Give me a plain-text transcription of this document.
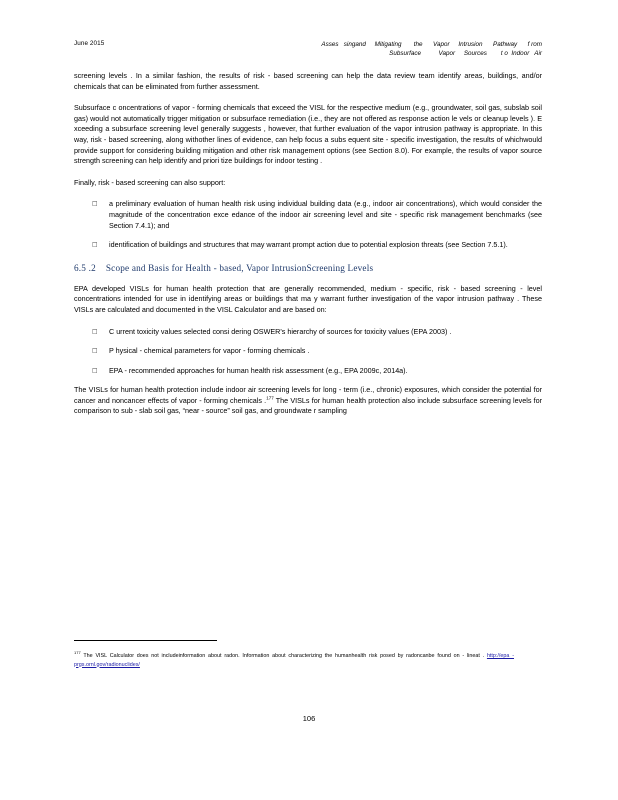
June 2015	Asses   singand     Mitigating       the      Vapor     Intrusion      Pathway      f rom
Subsurface          Vapor     Sources        t o  Indoor   Air

screening levels . In a similar fashion, the results of risk - based screening can help the data review team identify areas, buildings, and/or chemicals that can be eliminated from further assessment.

Subsurface c oncentrations of vapor - forming chemicals that exceed the VISL for the respective medium (e.g., groundwater, soil gas, subslab soil gas) would not automatically trigger mitigation or subsurface remediation (i.e., they are not offered as response action le vels or cleanup levels ). E xceeding a subsurface screening level generally suggests , however, that further evaluation of the vapor intrusion pathway is appropriate. In this way, risk - based screening, along withother lines of evidence, can help focus a subs equent site - specific investigation, the results of whichwould provide support for considering building mitigation and other risk management options (see Section 8.0). For example, the results of vapor source strength screening can help identify and priori tize buildings for indoor testing .

Finally, risk - based screening can also support:

a preliminary evaluation of human health risk using individual building data (e.g., indoor air concentrations), which would consider the magnitude of the concentration exce edance of the indoor air screening level and site - specific risk management benchmarks (see Section 7.4.1); and

identification of buildings and structures that may warrant prompt action due to potential explosion threats (see Section 7.5.1).

6.5 .2 Scope and Basis for Health - based, Vapor IntrusionScreening Levels

EPA developed VISLs for human health protection that are generally recommended, medium - specific, risk - based screening - level concentrations intended for use in identifying areas or buildings that ma y warrant further investigation of the vapor intrusion pathway . These VISLs are calculated and documented in the VISL Calculator and are based on:

C urrent toxicity values selected consi dering OSWER's hierarchy of sources for toxicity values (EPA 2003) .

P hysical - chemical parameters for vapor - forming chemicals .

EPA - recommended approaches for human health risk assessment (e.g., EPA 2009c, 2014a).

The VISLs for human health protection include indoor air screening levels for long - term (i.e., chronic) exposures, which consider the potential for cancer and noncancer effects of vapor - forming chemicals .$^{177}$ The VISLs for human health protection also include subsurface screening levels for comparison to sub - slab soil gas, “near - source” soil gas, and groundwate r sampling

$^{177}$ The VISL Calculator does not includeinformation about radon. Information about characterizing the humanhealth risk posed by radoncanbe found on - lineat . http://epa - prgs.ornl.gov/radionuclides/
106
